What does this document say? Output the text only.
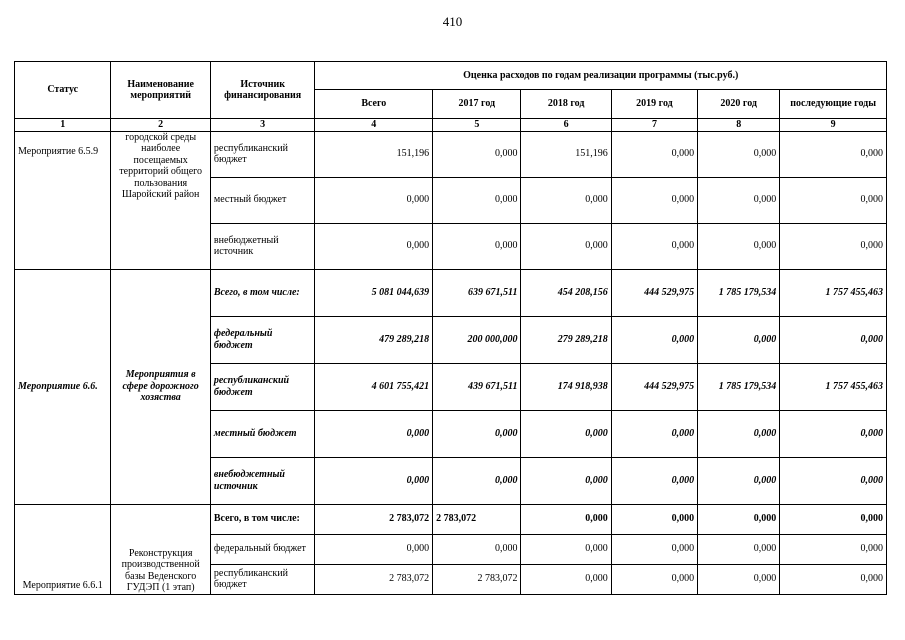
410
Статус	Наименование мероприятий	Источник финансирования	Оценка расходов по годам реализации программы (тыс.руб.)					
			Всего	2017 год	2018 год	2019 год	2020 год	последующие годы
1	2	3	4	5	6	7	8	9
Мероприятие 6.5.9	городской среды наиболее посещаемых территорий общего пользования Шаройский район	республиканский бюджет	151,196	0,000	151,196	0,000	0,000	0,000
		местный бюджет	0,000	0,000	0,000	0,000	0,000	0,000
		внебюджетный источник	0,000	0,000	0,000	0,000	0,000	0,000
Мероприятие 6.6.	Мероприятия в сфере дорожного хозяства	Всего, в том числе:	5 081 044,639	639 671,511	454 208,156	444 529,975	1 785 179,534	1 757 455,463
		федеральный бюджет	479 289,218	200 000,000	279 289,218	0,000	0,000	0,000
		республиканский бюджет	4 601 755,421	439 671,511	174 918,938	444 529,975	1 785 179,534	1 757 455,463
		местный бюджет	0,000	0,000	0,000	0,000	0,000	0,000
		внебюджетный источник	0,000	0,000	0,000	0,000	0,000	0,000
Мероприятие 6.6.1	Реконструкция производственной базы Веденского ГУДЭП (1 этап)	Всего, в том числе:	2 783,072	2 783,072	0,000	0,000	0,000	0,000
		федеральный бюджет	0,000	0,000	0,000	0,000	0,000	0,000
		республиканский бюджет	2 783,072	2 783,072	0,000	0,000	0,000	0,000
